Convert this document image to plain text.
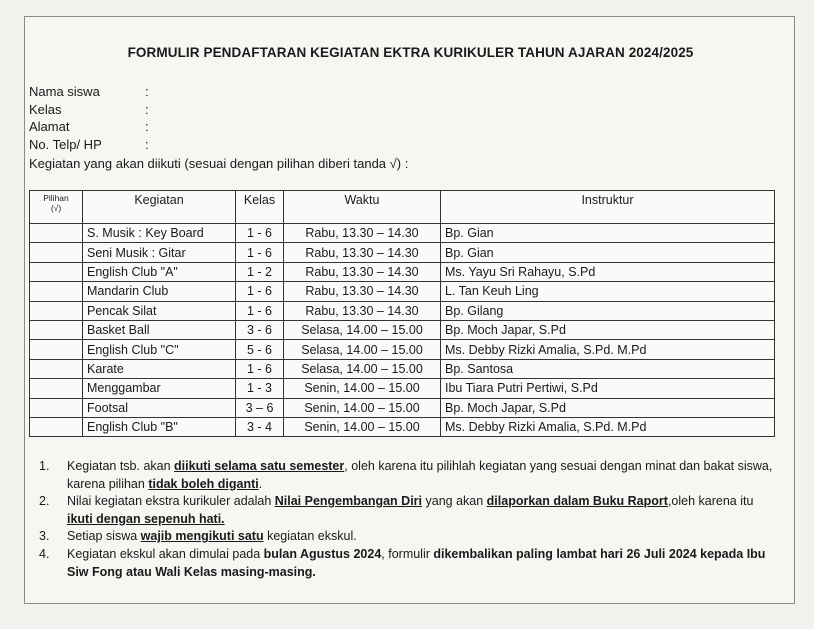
FORMULIR PENDAFTARAN KEGIATAN EKTRA KURIKULER TAHUN AJARAN 2024/2025
Nama siswa	:
Kelas	:
Alamat	:
No. Telp/ HP	:
Kegiatan yang akan diikuti (sesuai dengan pilihan diberi tanda √) :
Pilihan
(√)	Kegiatan	Kelas	Waktu	Instruktur

	S. Musik : Key Board	1 - 6	Rabu, 13.30 – 14.30	Bp. Gian

	Seni Musik : Gitar	1 - 6	Rabu, 13.30 – 14.30	Bp. Gian

	English Club "A"	1 - 2	Rabu, 13.30 – 14.30	Ms. Yayu Sri Rahayu, S.Pd

	Mandarin Club	1 - 6	Rabu, 13.30 – 14.30	L. Tan Keuh Ling

	Pencak Silat	1 - 6	Rabu, 13.30 – 14.30	Bp. Gilang

	Basket Ball	3 - 6	Selasa, 14.00 – 15.00	Bp. Moch Japar, S.Pd

	English Club "C"	5 - 6	Selasa, 14.00 – 15.00	Ms. Debby Rizki Amalia, S.Pd. M.Pd

	Karate	1 - 6	Selasa, 14.00 – 15.00	Bp. Santosa

	Menggambar	1 - 3	Senin, 14.00 – 15.00	Ibu Tiara Putri Pertiwi, S.Pd

	Footsal	3 – 6	Senin, 14.00 – 15.00	Bp. Moch Japar, S.Pd

	English Club "B"	3 - 4	Senin, 14.00 – 15.00	Ms. Debby Rizki Amalia, S.Pd. M.Pd
1.	Kegiatan tsb. akan diikuti selama satu semester, oleh karena itu pilihlah kegiatan yang sesuai dengan minat dan bakat siswa, karena pilihan tidak boleh diganti.
2.	Nilai kegiatan ekstra kurikuler adalah Nilai Pengembangan Diri yang akan dilaporkan dalam Buku Raport,oleh karena itu ikuti dengan sepenuh hati.
3.	Setiap siswa wajib mengikuti satu kegiatan ekskul.
4.	Kegiatan ekskul akan dimulai pada bulan Agustus 2024, formulir dikembalikan paling lambat hari 26 Juli 2024 kepada Ibu Siw Fong atau Wali Kelas masing-masing.
